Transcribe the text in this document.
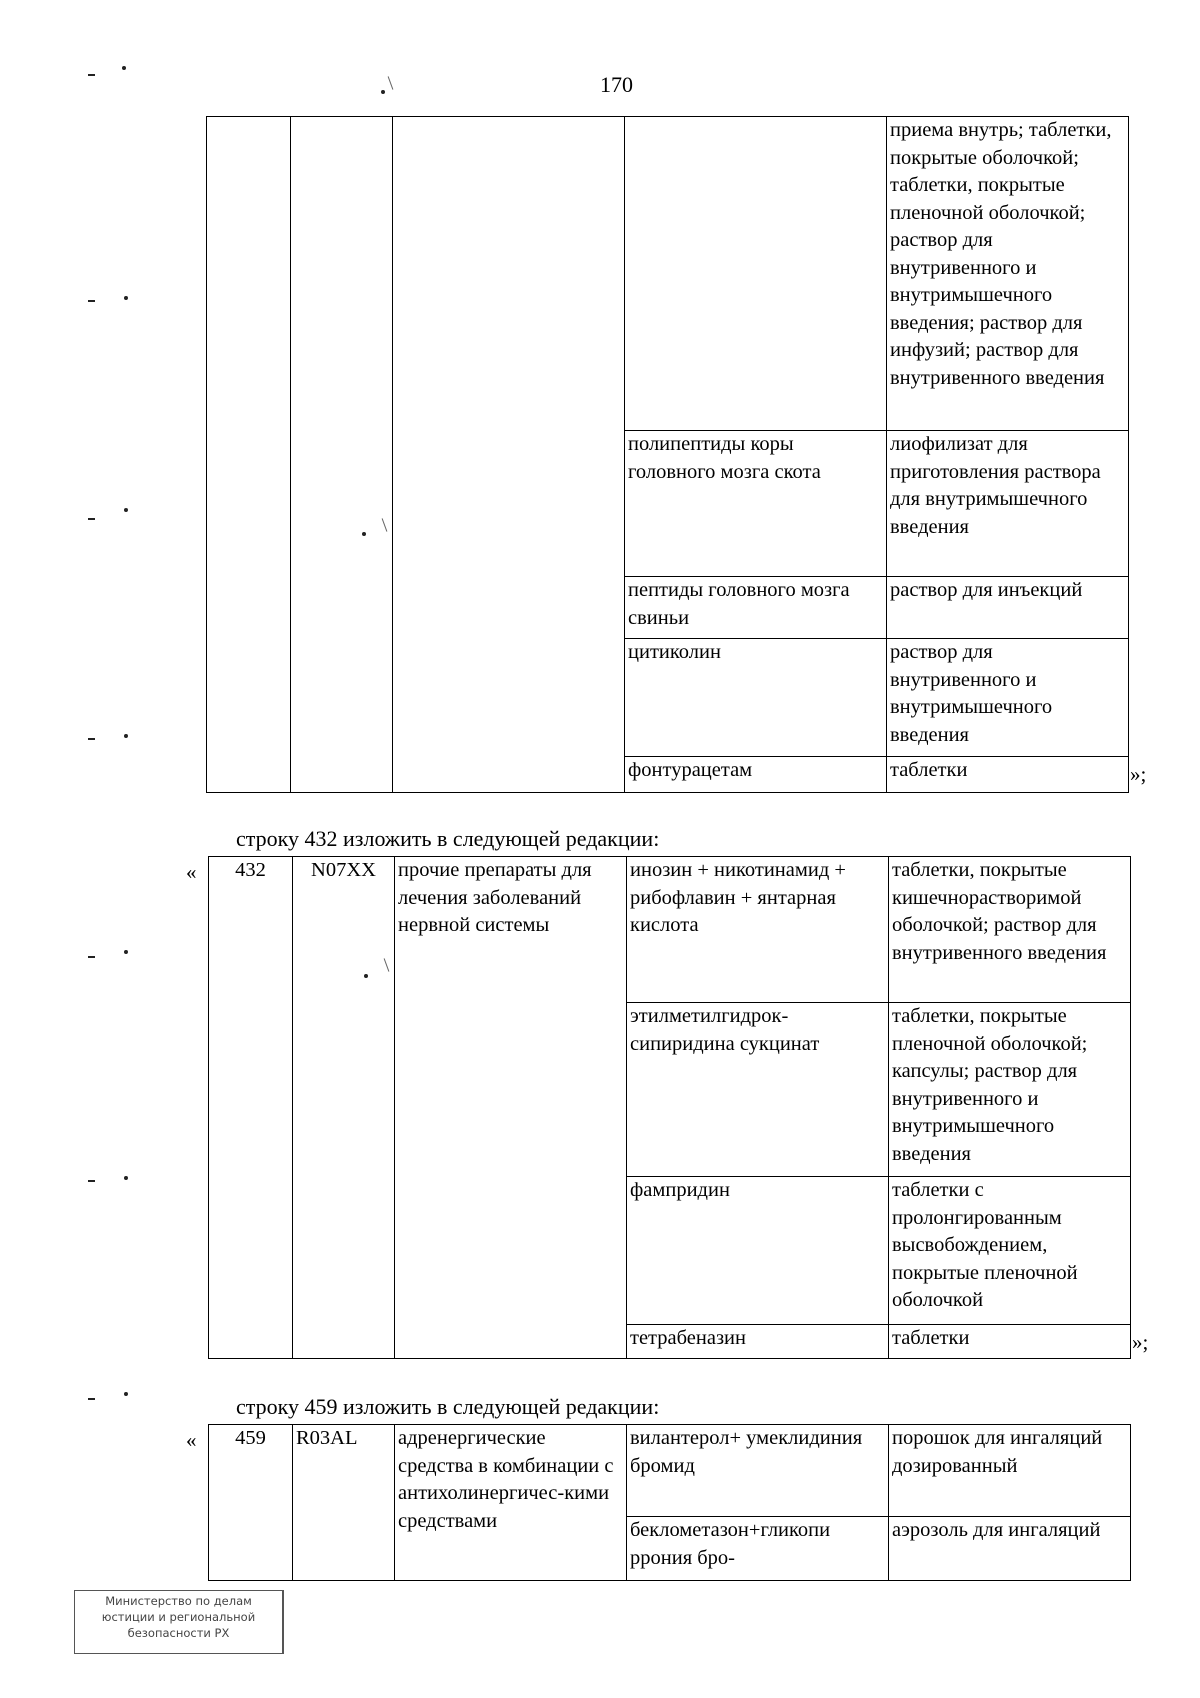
170
				приема внутрь; таблетки, покрытые оболочкой; таблетки, покрытые пленочной оболочкой; раствор для внутривенного и внутримышечного введения; раствор для инфузий; раствор для внутривенного введения
			полипептиды коры головного мозга скота	лиофилизат для приготовления раствора для внутримышечного введения
			пептиды головного мозга свиньи	раствор для инъекций
			цитиколин	раствор для внутривенного и внутримышечного введения
			фонтурацетам	таблетки	»;
строку 432 изложить в следующей редакции:
« 432	N07XX	прочие препараты для лечения заболеваний нервной системы	инозин + никотинамид + рибофлавин + янтарная кислота	таблетки, покрытые кишечнорастворимой оболочкой; раствор для внутривенного введения
			этилметилгидрок-сипиридина сукцинат	таблетки, покрытые пленочной оболочкой; капсулы; раствор для внутривенного и внутримышечного введения
			фампридин	таблетки с пролонгированным высвобождением, покрытые пленочной оболочкой
			тетрабеназин	таблетки	»;
строку 459 изложить в следующей редакции:
« 459	R03AL	адренергические средства в комбинации с антихолинергичес-кими средствами	вилантерол+ умеклидиния бромид	порошок для ингаляций дозированный
			беклометазон+гликопи ррония бро-	аэрозоль для ингаляций
Министерство по делам
юстиции и региональной
безопасности РХ
